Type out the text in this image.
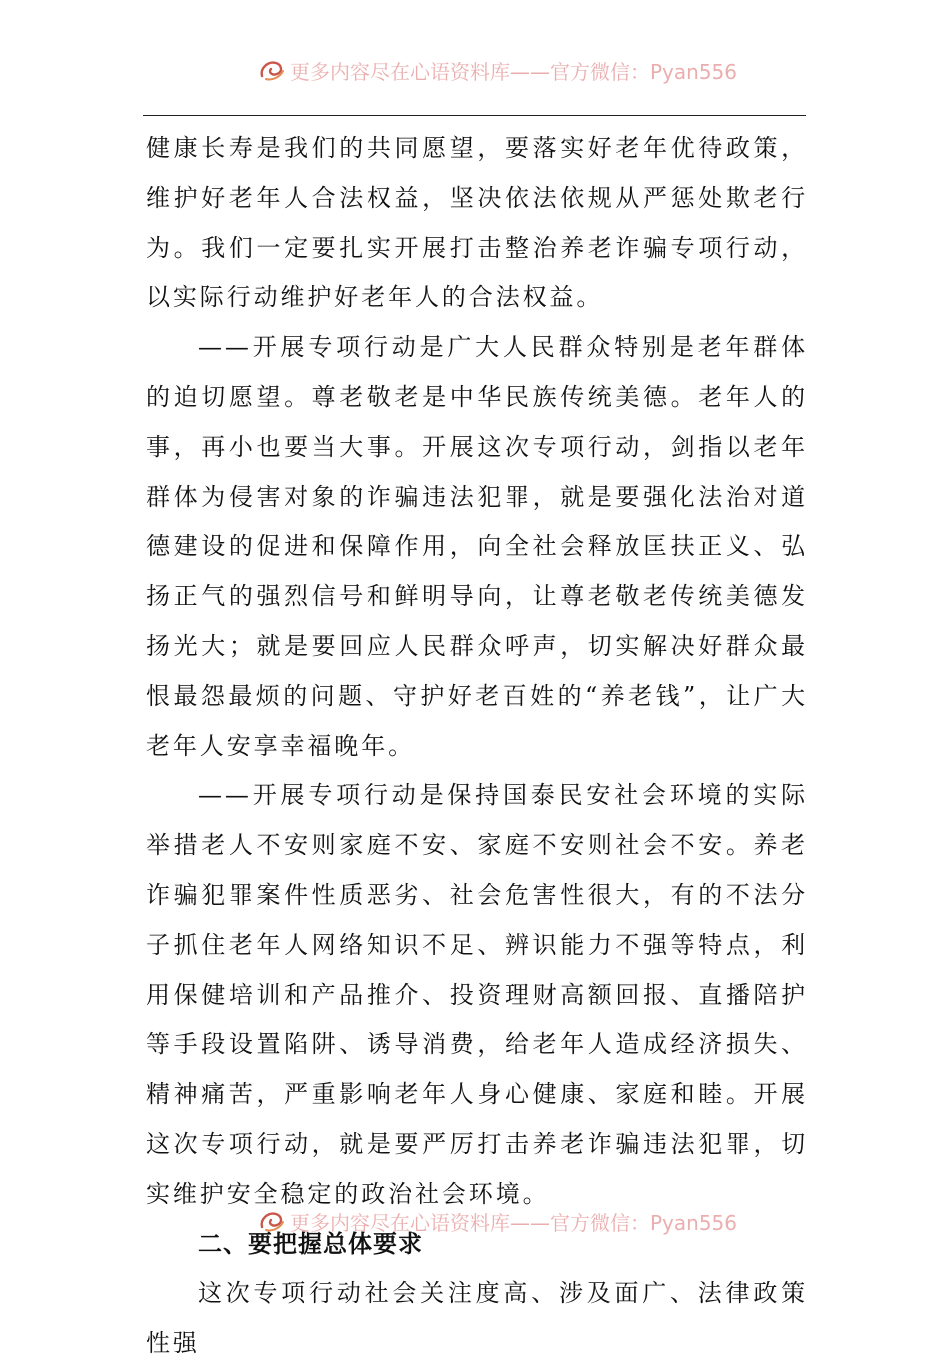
更多内容尽在心语资料库——官方微信：Pyan556

健康长寿是我们的共同愿望，要落实好老年优待政策，维护好老年人合法权益，坚决依法依规从严惩处欺老行为。我们一定要扎实开展打击整治养老诈骗专项行动，以实际行动维护好老年人的合法权益。

——开展专项行动是广大人民群众特别是老年群体的迫切愿望。尊老敬老是中华民族传统美德。老年人的事，再小也要当大事。开展这次专项行动，剑指以老年群体为侵害对象的诈骗违法犯罪，就是要强化法治对道德建设的促进和保障作用，向全社会释放匡扶正义、弘扬正气的强烈信号和鲜明导向，让尊老敬老传统美德发扬光大；就是要回应人民群众呼声，切实解决好群众最恨最怨最烦的问题、守护好老百姓的“养老钱”，让广大老年人安享幸福晚年。

——开展专项行动是保持国泰民安社会环境的实际举措老人不安则家庭不安、家庭不安则社会不安。养老诈骗犯罪案件性质恶劣、社会危害性很大，有的不法分子抓住老年人网络知识不足、辨识能力不强等特点，利用保健培训和产品推介、投资理财高额回报、直播陪护等手段设置陷阱、诱导消费，给老年人造成经济损失、精神痛苦，严重影响老年人身心健康、家庭和睦。开展这次专项行动，就是要严厉打击养老诈骗违法犯罪，切实维护安全稳定的政治社会环境。

二、要把握总体要求

这次专项行动社会关注度高、涉及面广、法律政策性强

更多内容尽在心语资料库——官方微信：Pyan556
